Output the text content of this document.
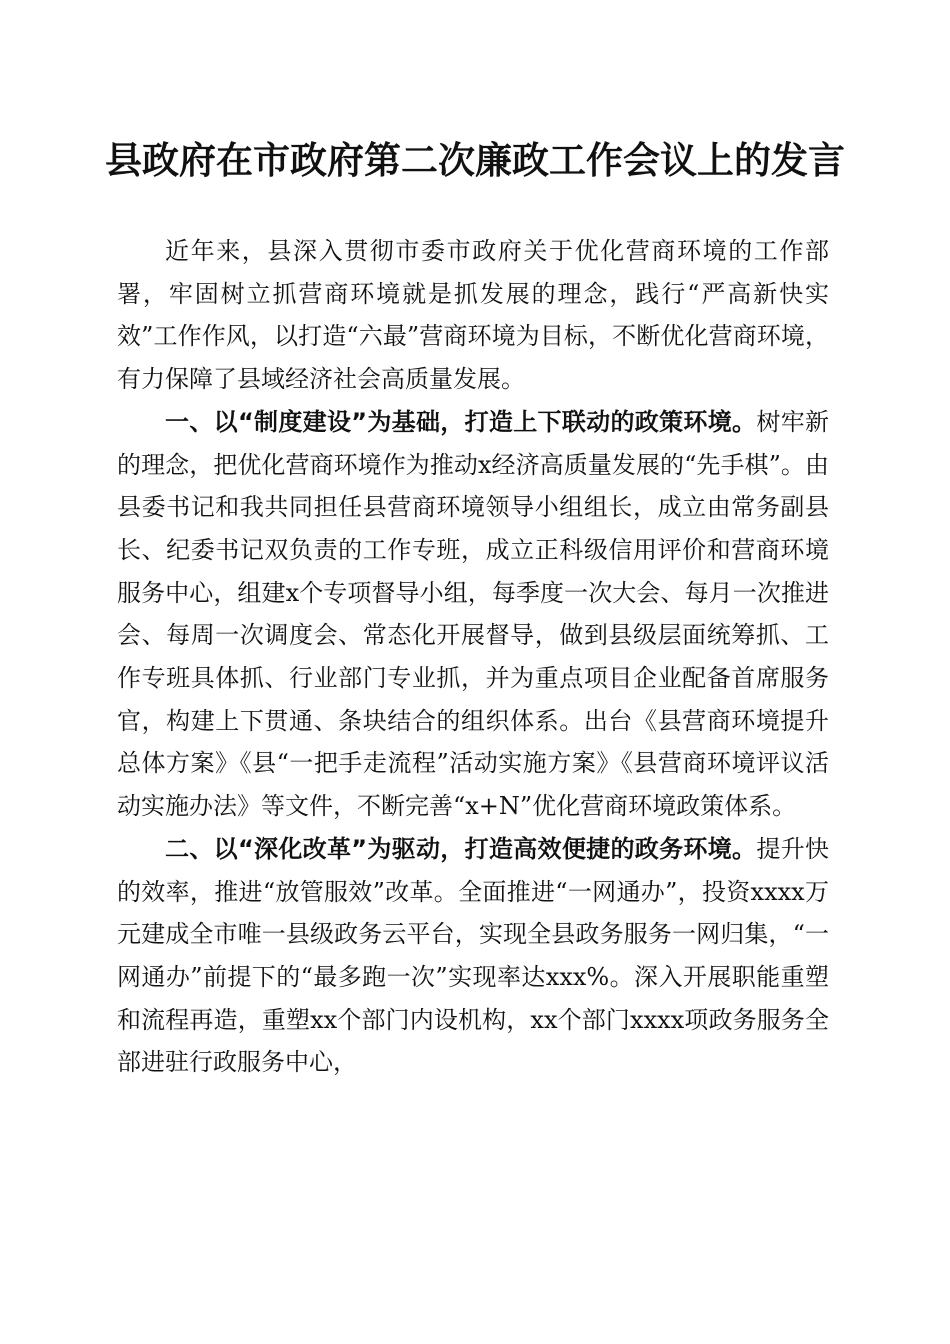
县政府在市政府第二次廉政工作会议上的发言

近年来，县深入贯彻市委市政府关于优化营商环境的工作部署，牢固树立抓营商环境就是抓发展的理念，践行“严高新快实效”工作作风，以打造“六最”营商环境为目标，不断优化营商环境，有力保障了县域经济社会高质量发展。

一、以“制度建设”为基础，打造上下联动的政策环境。树牢新的理念，把优化营商环境作为推动x经济高质量发展的“先手棋”。由县委书记和我共同担任县营商环境领导小组组长，成立由常务副县长、纪委书记双负责的工作专班，成立正科级信用评价和营商环境服务中心，组建x个专项督导小组，每季度一次大会、每月一次推进会、每周一次调度会、常态化开展督导，做到县级层面统筹抓、工作专班具体抓、行业部门专业抓，并为重点项目企业配备首席服务官，构建上下贯通、条块结合的组织体系。出台《县营商环境提升总体方案》《县“一把手走流程”活动实施方案》《县营商环境评议活动实施办法》等文件，不断完善“x+N”优化营商环境政策体系。

二、以“深化改革”为驱动，打造高效便捷的政务环境。提升快的效率，推进“放管服效”改革。全面推进“一网通办”，投资xxxx万元建成全市唯一县级政务云平台，实现全县政务服务一网归集，“一网通办”前提下的“最多跑一次”实现率达xxx%。深入开展职能重塑和流程再造，重塑xx个部门内设机构，xx个部门xxxx项政务服务全部进驻行政服务中心，
